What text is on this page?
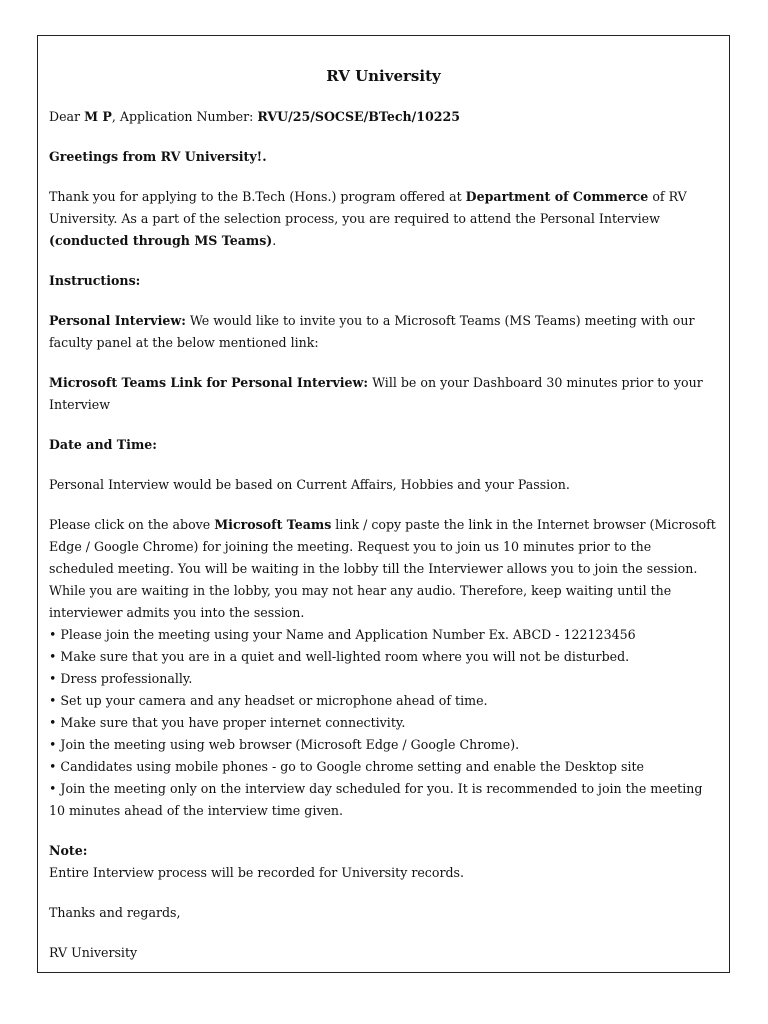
RV University

Dear M P, Application Number: RVU/25/SOCSE/BTech/10225

Greetings from RV University!.

Thank you for applying to the B.Tech (Hons.) program offered at Department of Commerce of RV University. As a part of the selection process, you are required to attend the Personal Interview (conducted through MS Teams).

Instructions:

Personal Interview: We would like to invite you to a Microsoft Teams (MS Teams) meeting with our faculty panel at the below mentioned link:

Microsoft Teams Link for Personal Interview: Will be on your Dashboard 30 minutes prior to your Interview

Date and Time:

Personal Interview would be based on Current Affairs, Hobbies and your Passion.

Please click on the above Microsoft Teams link / copy paste the link in the Internet browser (Microsoft Edge / Google Chrome) for joining the meeting. Request you to join us 10 minutes prior to the scheduled meeting. You will be waiting in the lobby till the Interviewer allows you to join the session. While you are waiting in the lobby, you may not hear any audio. Therefore, keep waiting until the interviewer admits you into the session.

• Please join the meeting using your Name and Application Number Ex. ABCD - 122123456
• Make sure that you are in a quiet and well-lighted room where you will not be disturbed.
• Dress professionally.
• Set up your camera and any headset or microphone ahead of time.
• Make sure that you have proper internet connectivity.
• Join the meeting using web browser (Microsoft Edge / Google Chrome).
• Candidates using mobile phones - go to Google chrome setting and enable the Desktop site
• Join the meeting only on the interview day scheduled for you. It is recommended to join the meeting 10 minutes ahead of the interview time given.

Note:

Entire Interview process will be recorded for University records.

Thanks and regards,

RV University
